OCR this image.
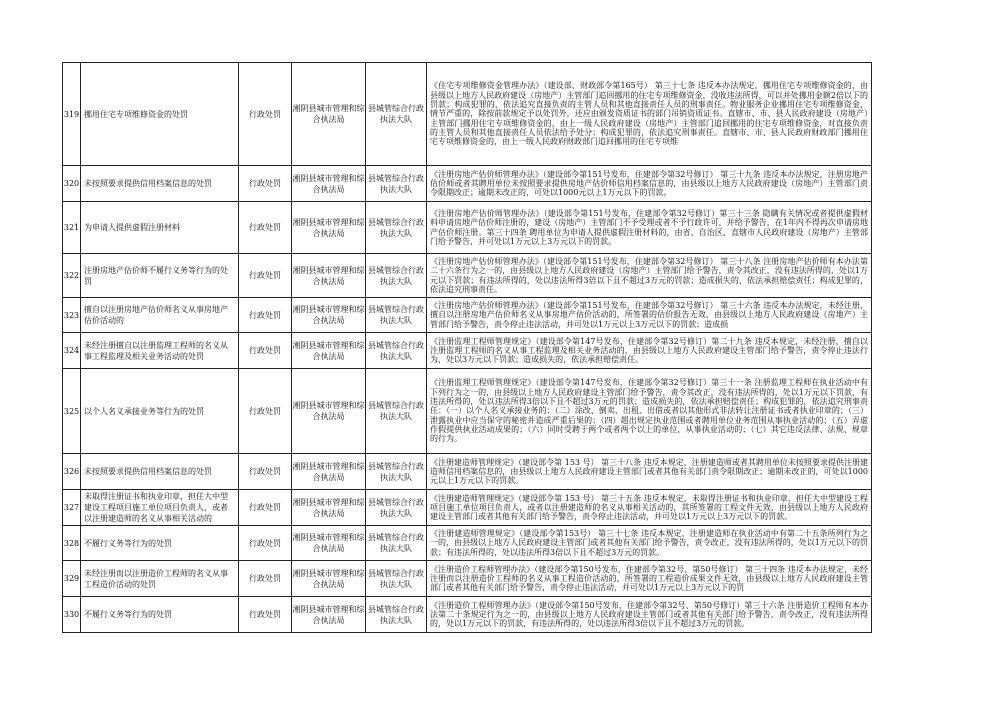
319	挪用住宅专项维修资金的处罚	行政处罚	湘阴县城市管理和综合执法局	县城管综合行政执法大队	《住宅专项维修资金管理办法》（建设部、财政部令第165号） 第三十七条 违反本办法规定，挪用住宅专项维修资金的，由县级以上地方人民政府建设（房地产）主管部门追回挪用的住宅专项维修资金，没收违法所得，可以并处挪用金额2倍以下的罚款；构成犯罪的，依法追究直接负责的主管人员和其他直接责任人员的刑事责任。物业服务企业挪用住宅专项维修资金，情节严重的，除按前款规定予以处罚外，还应由颁发资质证书的部门吊销资质证书。直辖市、市、县人民政府建设（房地产）主管部门挪用住宅专项维修资金的，由上一级人民政府建设（房地产）主管部门追回挪用的住宅专项维修资金，对直接负责的主管人员和其他直接责任人员依法给予处分；构成犯罪的，依法追究刑事责任。直辖市、市、县人民政府财政部门挪用住宅专项维修资金的，由上一级人民政府财政部门追回挪用的住宅专项维

320	未按照要求提供信用档案信息的处罚	行政处罚	湘阴县城市管理和综合执法局	县城管综合行政执法大队	《注册房地产估价师管理办法》（建设部令第151号发布，住建部令第32号修订） 第三十九条 违反本办法规定，注册房地产估价师或者其聘用单位未按照要求提供房地产估价师信用档案信息的，由县级以上地方人民政府建设（房地产）主管部门责令限期改正；逾期未改正的，可处以1000元以上1万元以下的罚款。

321	为申请人提供虚假注册材料	行政处罚	湘阴县城市管理和综合执法局	县城管综合行政执法大队	《注册房地产估价师管理办法》（建设部令第151号发布，住建部令第32号修订）第三十三条 隐瞒有关情况或者提供虚假材料申请房地产估价师注册的，建设（房地产）主管部门不予受理或者不予行政许可，并给予警告，在1年内不得再次申请房地产估价师注册。第三十四条 聘用单位为申请人提供虚假注册材料的，由省、自治区、直辖市人民政府建设（房地产）主管部门给予警告，并可处以1万元以上3万元以下的罚款。

322	注册房地产估价师不履行义务等行为的处罚	行政处罚	湘阴县城市管理和综合执法局	县城管综合行政执法大队	《注册房地产估价师管理办法》（建设部令第151号发布，住建部令第32号修订） 第三十八条 注册房地产估价师有本办法第二十六条行为之一的，由县级以上地方人民政府建设（房地产）主管部门给予警告，责令其改正，没有违法所得的，处以1万元以下罚款；有违法所得的，处以违法所得3倍以下且不超过3万元的罚款；造成损失的，依法承担赔偿责任；构成犯罪的，依法追究刑事责任。

323	擅自以注册房地产估价师名义从事房地产估价活动的	行政处罚	湘阴县城市管理和综合执法局	县城管综合行政执法大队	《注册房地产估价师管理办法》（建设部令第151号发布，住建部令第32号修订） 第三十六条 违反本办法规定，未经注册，擅自以注册房地产估价师名义从事房地产估价活动的，所签署的估价报告无效，由县级以上地方人民政府建设（房地产）主管部门给予警告，责令停止违法活动，并可处以1万元以上3万元以下的罚款；造成损

324	未经注册擅自以注册监理工程师的名义从事工程监理及相关业务活动的处罚	行政处罚	湘阴县城市管理和综合执法局	县城管综合行政执法大队	《注册监理工程师管理规定》（建设部令第147号发布，住建部令第32号修订）第二十九条 违反本规定，未经注册，擅自以注册监理工程师的名义从事工程监理及相关业务活动的，由县级以上地方人民政府建设主管部门给予警告，责令停止违法行为，处以3万元以下罚款；造成损失的，依法承担赔偿责任。

325	以个人名义承接业务等行为的处罚	行政处罚	湘阴县城市管理和综合执法局	县城管综合行政执法大队	《注册监理工程师管理规定》（建设部令第147号发布，住建部令第32号修订）第三十一条 注册监理工程师在执业活动中有下列行为之一的，由县级以上地方人民政府建设主管部门给予警告，责令其改正，没有违法所得的，处以1万元以下罚款，有违法所得的，处以违法所得3倍以下且不超过3万元的罚款；造成损失的，依法承担赔偿责任；构成犯罪的，依法追究刑事责任：（一）以个人名义承接业务的；（二）涂改、倒卖、出租、出借或者以其他形式非法转让注册证书或者执业印章的；（三）泄露执业中应当保守的秘密并造成严重后果的；（四）超出规定执业范围或者聘用单位业务范围从事执业活动的；（五）弄虚作假提供执业活动成果的；（六）同时受聘于两个或者两个以上的单位，从事执业活动的；（七）其它违反法律、法规、规章的行为。

326	未按照要求提供信用档案信息的处罚	行政处罚	湘阴县城市管理和综合执法局	县城管综合行政执法大队	《注册建造师管理规定》（建设部令第 153 号） 第三十八条 违反本规定，注册建造师或者其聘用单位未按照要求提供注册建造师信用档案信息的，由县级以上地方人民政府建设主管部门或者其他有关部门责令限期改正；逾期未改正的，可处以1000元以上1万元以下的罚款。

327	未取得注册证书和执业印章，担任大中型建设工程项目施工单位项目负责人，或者以注册建造师的名义从事相关活动的	行政处罚	湘阴县城市管理和综合执法局	县城管综合行政执法大队	《注册建造师管理规定》（建设部令第 153 号） 第三十五条 违反本规定，未取得注册证书和执业印章，担任大中型建设工程项目施工单位项目负责人，或者以注册建造师的名义从事相关活动的，其所签署的工程文件无效，由县级以上地方人民政府建设主管部门或者其他有关部门给予警告，责令停止违法活动，并可处以1万元以上3万元以下的罚款。

328	不履行义务等行为的处罚	行政处罚	湘阴县城市管理和综合执法局	县城管综合行政执法大队	《注册建造师管理规定》（建设部令第153号） 第三十七条 违反本规定，注册建造师在执业活动中有第二十五条所列行为之一的，由县级以上地方人民政府建设主管部门或者其他有关部门给予警告，责令改正，没有违法所得的，处以1万元以下的罚款；有违法所得的，处以违法所得3倍以下且不超过3万元的罚款。

329	未经注册而以注册造价工程师的名义从事工程造价活动的处罚	行政处罚	湘阴县城市管理和综合执法局	县城管综合行政执法大队	《注册造价工程师管理办法》（建设部令第150号发布，住建部令第32号、第50号修订） 第三十四条 违反本办法规定，未经注册而以注册造价工程师的名义从事工程造价活动的，所签署的工程造价成果文件无效，由县级以上地方人民政府建设主管部门或者其他有关部门给予警告，责令停止违法活动，并可处以1万元以上3万元以下的罚

330	不履行义务等行为的处罚	行政处罚	湘阴县城市管理和综合执法局	县城管综合行政执法大队	《注册造价工程师管理办法》（建设部令第150号发布，住建部令第32号、第50号修订）第三十六条 注册造价工程师有本办法第二十条规定行为之一的，由县级以上地方人民政府建设主管部门或者其他有关部门给予警告，责令改正，没有违法所得的，处以1万元以下的罚款，有违法所得的，处以违法所得3倍以下且不超过3万元的罚款。
